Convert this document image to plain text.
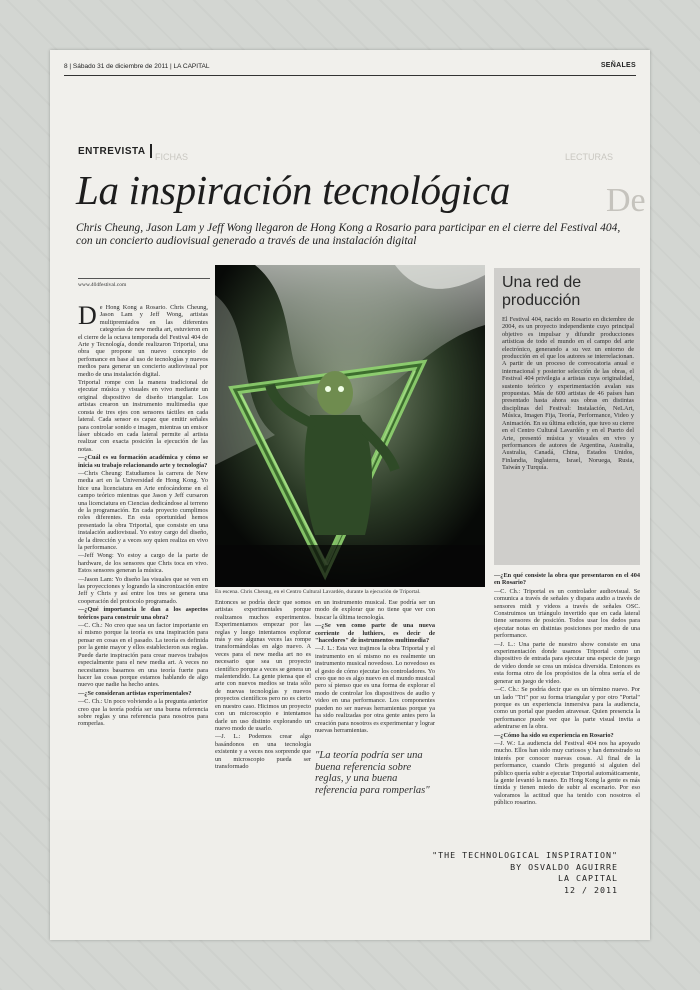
8 | Sábado 31 de diciembre de 2011 | LA CAPITAL	SEÑALES
FICHAS	LECTURAS
De
ENTREVISTA
La inspiración tecnológica
Chris Cheung, Jason Lam y Jeff Wong llegaron de Hong Kong a Rosario para participar en el cierre del Festival 404, con un concierto audiovisual generado a través de una instalación digital
www.404festival.com

De Hong Kong a Rosario. Chris Cheung, Jason Lam y Jeff Wong, artistas multipremiados en las diferentes categorías de new media art, estuvieron en el cierre de la octava temporada del Festival 404 de Arte y Tecnología, donde realizaron Triportal, una obra que propone un nuevo concepto de perfomance en base al uso de tecnologías y nuevos medios para generar un concierto audiovisual por medio de una instalación digital.

Triportal rompe con la manera tradicional de ejecutar música y visuales en vivo mediante un original dispositivo de diseño triangular. Los artistas crearon un instrumento multimedia que consta de tres ejes con sensores táctiles en cada lateral. Cada sensor es capaz que emitir señales para controlar sonido e imagen, mientras un emisor láser ubicado en cada lateral permite al artista realizar con exacta posición la ejecución de las notas.

—¿Cuál es su formación académica y cómo se inicia su trabajo relacionando arte y tecnología?

—Chris Cheung: Estudiamos la carrera de New media art en la Universidad de Hong Kong. Yo hice una licenciatura en Arte enfocándome en el campo teórico mientras que Jason y Jeff cursaron una licenciatura en Ciencias dedicándose al terreno de la programación. En cada proyecto cumplimos roles diferentes. En esta oportunidad hemos presentado la obra Triportal, que consiste en una instalación audiovisual. Yo estoy cargo del diseño, de la dirección y a veces soy quien realiza en vivo la performance.

—Jeff Wong: Yo estoy a cargo de la parte de hardware, de los sensores que Chris toca en vivo. Estos sensores generan la música.

—Jason Lam: Yo diseño las visuales que se ven en las proyecciones y logrando la sincronización entre Jeff y Chris y así entre los tres se genera una cooperación del protocolo programado.

—¿Qué importancia le dan a los aspectos teóricos para construir una obra?

—C. Ch.: No creo que sea un factor importante en sí mismo porque la teoría es una inspiración para pensar en cosas en el pasado. La teoría es definida por la gente mayor y ellos establecieron sus reglas. Puede darte inspiración para crear nuevos trabajos especialmente para el new media art. A veces no necesitamos basarnos en una teoría fuerte para hacer las cosas porque estamos hablando de algo nuevo que nadie ha hecho antes.

—¿Se consideran artistas experimentales?

—C. Ch.: Un poco volviendo a la pregunta anterior creo que la teoría podría ser una buena referencia sobre reglas y una referencia para nosotros para romperlas.

En escena. Chris Cheung, en el Centro Cultural Lavardén, durante la ejecución de Triportal.

Entonces se podría decir que somos artistas experimentales porque realizamos muchos experimentos. Experimentamos empezar por las reglas y luego intentamos explorar más y eso algunas veces las rompe transformándolas en algo nuevo. A veces para el new media art no es necesario que sea un proyecto científico porque a veces se genera un malentendido. La gente piensa que el arte con nuevos medios se trata sólo de nuevas tecnologías y nuevos proyectos científicos pero no es cierto en nuestro caso. Hicimos un proyecto con un microscopio e intentamos darle un uso distinto explorando un nuevo modo de usarlo.

—J. L.: Podemos crear algo basándonos en una tecnología existente y a veces nos sorprende que un microscopio pueda ser transformado

"La teoría podría ser una buena referencia sobre reglas, y una buena referencia para romperlas"

en un instrumento musical. Ese podría ser un modo de explorar que no tiene que ver con buscar la última tecnología.

—¿Se ven como parte de una nueva corriente de luthiers, es decir de "hacedores" de instrumentos multimedia?

—J. L.: Esta vez trajimos la obra Triportal y el instrumento en sí mismo no es realmente un instrumento musical novedoso. Lo novedoso es el gesto de cómo ejecutar los controladores. Yo creo que no es algo nuevo en el mundo musical pero sí pienso que es una forma de explorar el modo de controlar los dispositivos de audio y video en una performance. Los componentes pueden no ser nuevas herramientas porque ya ha sido realizadas por otra gente antes pero la creación para nosotros es experimentar y lograr nuevas herramientas.

Una red de producción
El Festival 404, nacido en Rosario en diciembre de 2004, es un proyecto independiente cuyo principal objetivo es impulsar y difundir producciones artísticas de todo el mundo en el campo del arte electrónico, generando a su vez un entorno de producción en el que los autores se interrelacionan. A partir de un proceso de convocatoria anual e internacional y posterior selección de las obras, el Festival 404 privilegia a artistas cuya originalidad, sustento teórico y experimentación avalan sus propuestas. Más de 600 artistas de 46 países han presentado hasta ahora sus obras en distintas disciplinas del Festival: Instalación, NeLArt, Música, Imagen Fija, Teoría, Performance, Video y Animación. En su última edición, que tuvo su cierre en el Centro Cultural Lavardén y en el Puerto del Arte, presentó música y visuales en vivo y performances de autores de Argentina, Australia, Australia, Canadá, China, Estados Unidos, Finlandia, Inglaterra, Israel, Noruega, Rusia, Taiwán y Turquía.

—¿En qué consiste la obra que presentaron en el 404 en Rosario?

—C. Ch.: Triportal es un controlador audiovisual. Se comunica a través de señales y dispara audio a través de sensores midi y videos a través de señales OSC. Construimos un triángulo invertido que en cada lateral tiene sensores de posición. Todos usar los dedos para ejecutar notas en distintas posiciones por medio de una performance.

—J. L.: Una parte de nuestro show consiste en una experimentación donde usamos Triportal como un dispositivo de entrada para ejecutar una especie de juego de video donde se crea un música diversida. Entonces es esta forma otro de los propósitos de la obra sería el de generar un juego de video.

—C. Ch.: Se podría decir que es un término nuevo. Por un lado "Tri" por su forma triangular y por otro "Portal" porque es un experiencia inmersiva para la audiencia, como un portal que pueden atravesar. Quien presencia la performance puede ver que la parte visual invita a adentrarse en la obra.

—¿Cómo ha sido su experiencia en Rosario?

—J. W.: La audiencia del Festival 404 nos ha apoyado mucho. Ellos han sido muy curiosos y han demostrado su interés por conocer nuevas cosas. Al final de la performance, cuando Chris preguntó si alguien del público quería subir a ejecutar Triportal automáticamente, la gente levantó la mano. En Hong Kong la gente es más tímida y tienen miedo de subir al escenario. Por eso valoramos la actitud que ha tenido con nosotros el público rosarino.

"THE TECHNOLOGICAL INSPIRATION"
BY OSVALDO AGUIRRE
LA CAPITAL
12 / 2011
